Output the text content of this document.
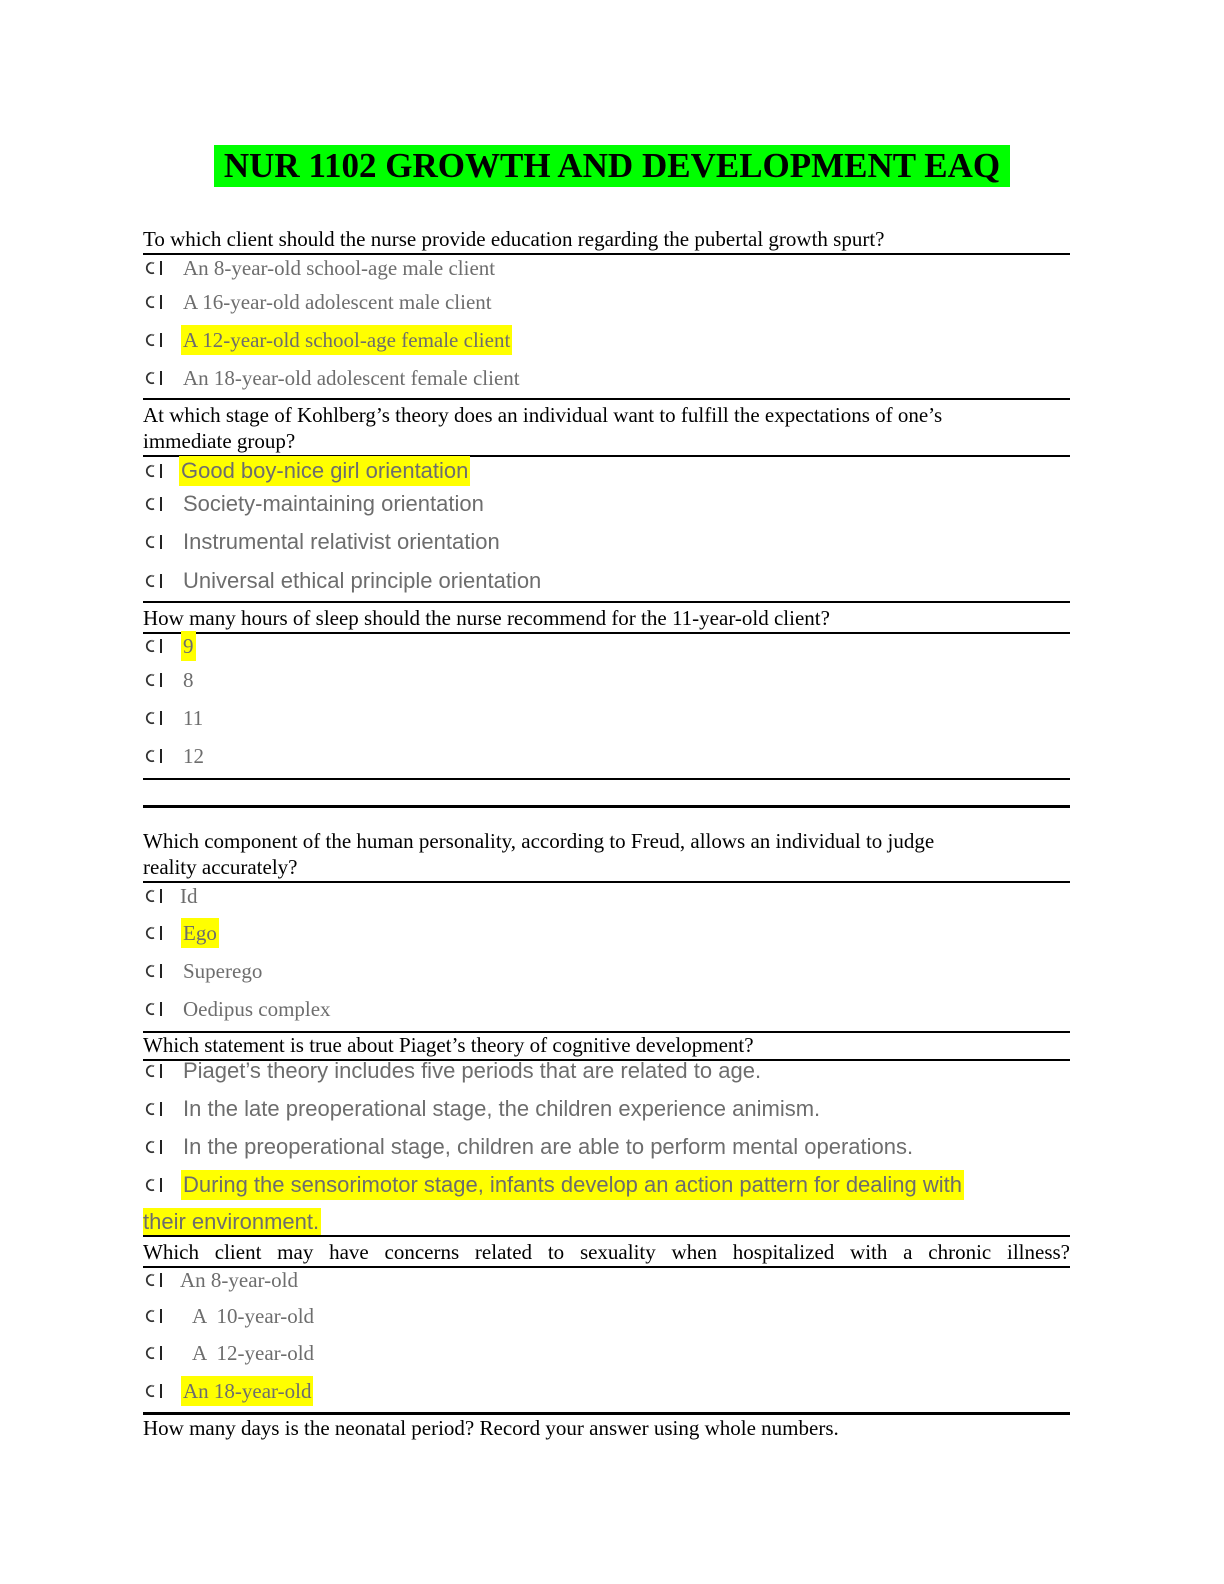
NUR 1102 GROWTH AND DEVELOPMENT EAQ
To which client should the nurse provide education regarding the pubertal growth spurt?
An 8-year-old school-age male client
A 16-year-old adolescent male client
A 12-year-old school-age female client
An 18-year-old adolescent female client
At which stage of Kohlberg’s theory does an individual want to fulfill the expectations of one’s
immediate group?
Good boy-nice girl orientation
Society-maintaining orientation
Instrumental relativist orientation
Universal ethical principle orientation
How many hours of sleep should the nurse recommend for the 11-year-old client?
9
8
11
12
Which component of the human personality, according to Freud, allows an individual to judge
reality accurately?
Id
Ego
Superego
Oedipus complex
Which statement is true about Piaget’s theory of cognitive development?
Piaget’s theory includes five periods that are related to age.
In the late preoperational stage, the children experience animism.
In the preoperational stage, children are able to perform mental operations.
During the sensorimotor stage, infants develop an action pattern for dealing with
their environment.
Which client may have concerns related to sexuality when hospitalized with a chronic illness?
An 8-year-old
A  10-year-old
A  12-year-old
An 18-year-old
How many days is the neonatal period? Record your answer using whole numbers.
